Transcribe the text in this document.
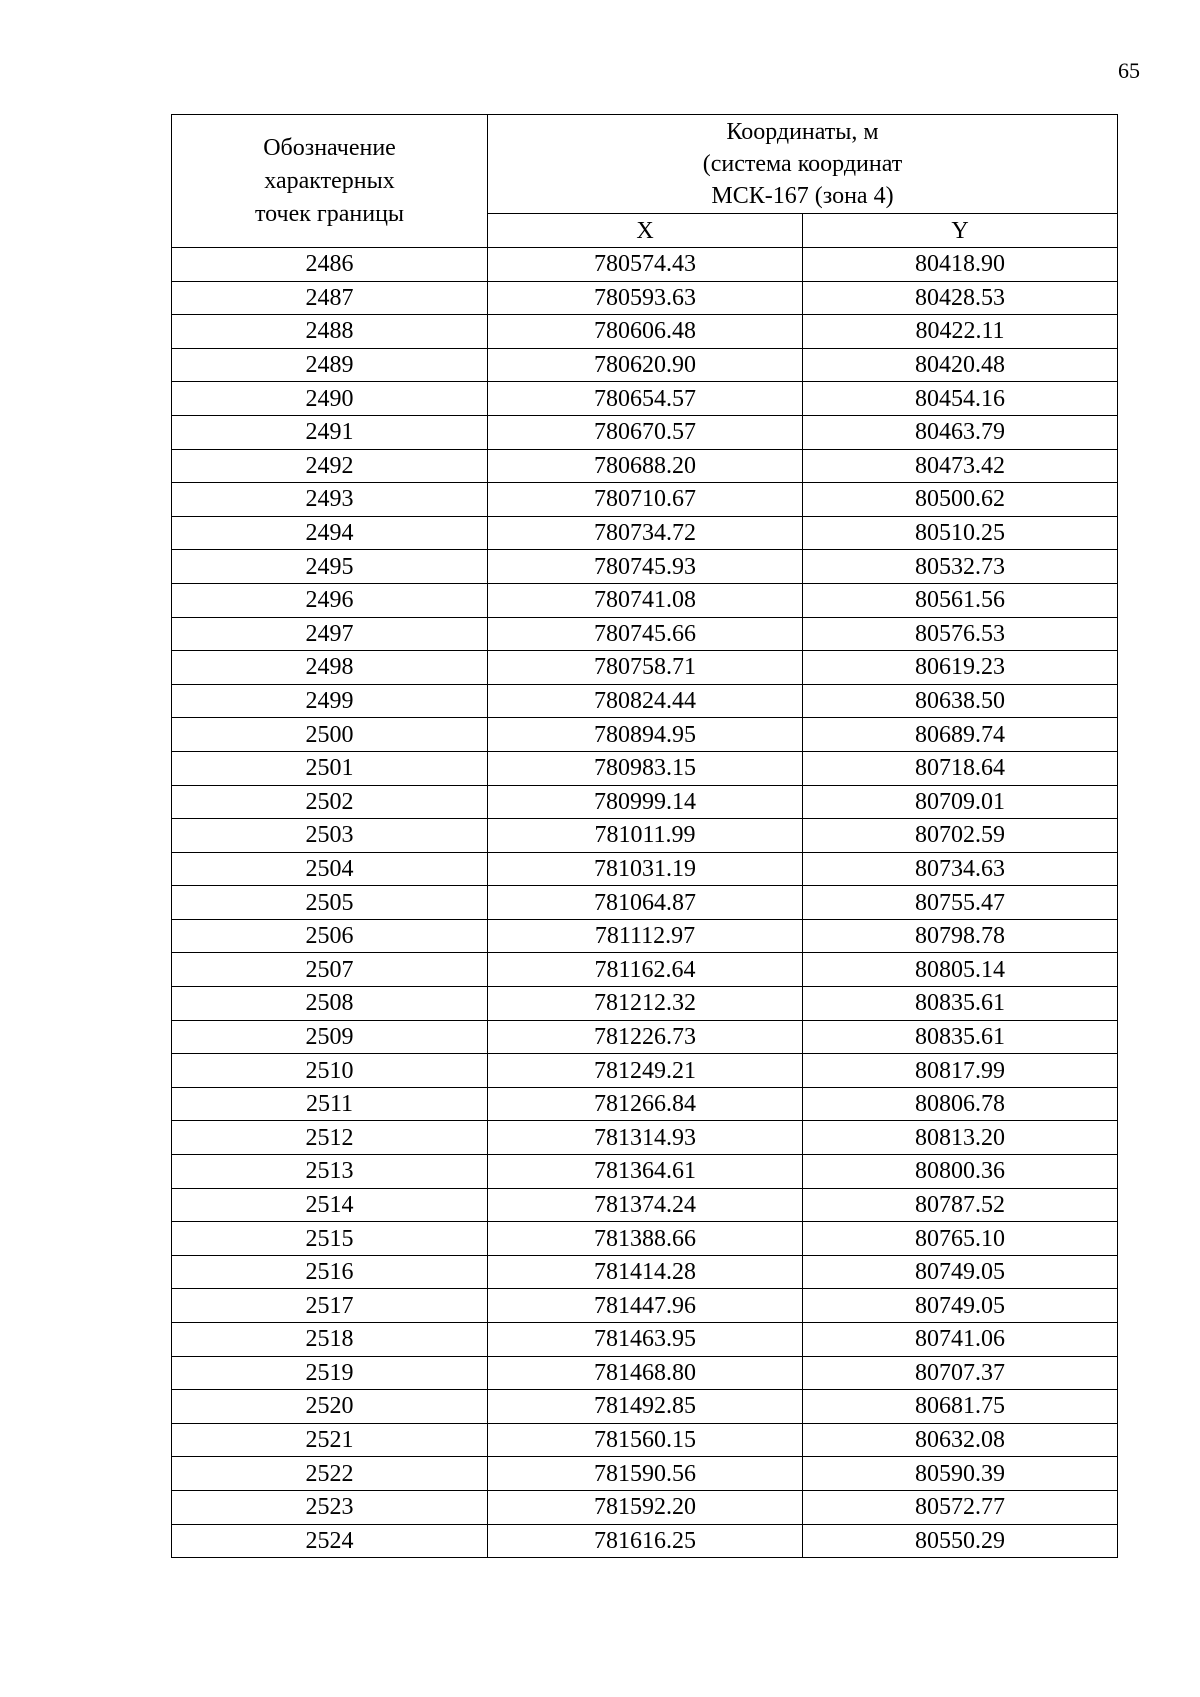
65
Обозначение
характерных
точек границы	Координаты, м
(система координат
МСК-167 (зона 4)	

	X	Y
2486	780574.43	80418.90
2487	780593.63	80428.53
2488	780606.48	80422.11
2489	780620.90	80420.48
2490	780654.57	80454.16
2491	780670.57	80463.79
2492	780688.20	80473.42
2493	780710.67	80500.62
2494	780734.72	80510.25
2495	780745.93	80532.73
2496	780741.08	80561.56
2497	780745.66	80576.53
2498	780758.71	80619.23
2499	780824.44	80638.50
2500	780894.95	80689.74
2501	780983.15	80718.64
2502	780999.14	80709.01
2503	781011.99	80702.59
2504	781031.19	80734.63
2505	781064.87	80755.47
2506	781112.97	80798.78
2507	781162.64	80805.14
2508	781212.32	80835.61
2509	781226.73	80835.61
2510	781249.21	80817.99
2511	781266.84	80806.78
2512	781314.93	80813.20
2513	781364.61	80800.36
2514	781374.24	80787.52
2515	781388.66	80765.10
2516	781414.28	80749.05
2517	781447.96	80749.05
2518	781463.95	80741.06
2519	781468.80	80707.37
2520	781492.85	80681.75
2521	781560.15	80632.08
2522	781590.56	80590.39
2523	781592.20	80572.77
2524	781616.25	80550.29
